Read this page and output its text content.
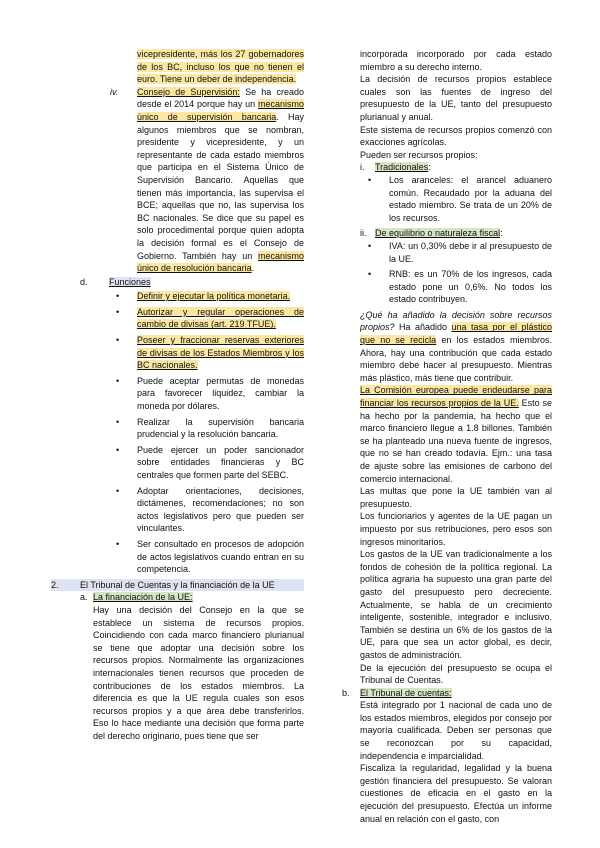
vicepresidente, más los 27 gobernadores de los BC, incluso los que no tienen el euro. Tiene un deber de independencia.

iv. Consejo de Supervisión: Se ha creado desde el 2014 porque hay un mecanismo único de supervisión bancaria. Hay algunos miembros que se nombran, presidente y vicepresidente, y un representante de cada estado miembros que participa en el Sistema Único de Supervisión Bancario. Aquellas que tienen más importancia, las supervisa el BCE; aquellas que no, las supervisa los BC nacionales. Se dice que su papel es solo procedimental porque quien adopta la decisión formal es el Consejo de Gobierno. También hay un mecanismo único de resolución bancaria.

d.	Funciones

• Definir y ejecutar la política monetaria.
• Autorizar y regular operaciones de cambio de divisas (art. 219 TFUE).
• Poseer y fraccionar reservas exteriores de divisas de los Estados Miembros y los BC nacionales.
• Puede aceptar permutas de monedas para favorecer liquidez, cambiar la moneda por dólares.
• Realizar la supervisión bancaria prudencial y la resolución bancaria.
• Puede ejercer un poder sancionador sobre entidades financieras y BC centrales que formen parte del SEBC.
• Adoptar orientaciones, decisiones, dictámenes, recomendaciones; no son actos legislativos pero que pueden ser vinculantes.
• Ser consultado en procesos de adopción de actos legislativos cuando entran en su competencia.

2. El Tribunal de Cuentas y la financiación de la UE

a. La financiación de la UE:

Hay una decisión del Consejo en la que se establece un sistema de recursos propios. Coincidiendo con cada marco financiero plurianual se tiene que adoptar una decisión sobre los recursos propios. Normalmente las organizaciones internacionales tienen recursos que proceden de contribuciones de los estados miembros. La diferencia es que la UE regula cuales son esos recursos propios y a que área debe transferirlos. Eso lo hace mediante una decisión que forma parte del derecho originario, pues tiene que ser

incorporada incorporado por cada estado miembro a su derecho interno.

La decisión de recursos propios establece cuales son las fuentes de ingreso del presupuesto de la UE, tanto del presupuesto plurianual y anual.

Este sistema de recursos propios comenzó con exacciones agrícolas.

Pueden ser recursos propios:

i.	Tradicionales:

• Los aranceles: el arancel aduanero común. Recaudado por la aduana del estado miembro. Se trata de un 20% de los recursos.
ii. De equilibrio o naturaleza fiscal:

• IVA: un 0,30% debe ir al presupuesto de la UE.
• RNB: es un 70% de los ingresos, cada estado pone un 0,6%. No todos los estado contribuyen.

¿Qué ha añadido la decisión sobre recursos propios? Ha añadido una tasa por el plástico que no se recicla en los estados miembros. Ahora, hay una contribución que cada estado miembro debe hacer al presupuesto. Mientras más plástico, más tiene que contribuir.

La Comisión europea puede endeudarse para financiar los recursos propios de la UE. Esto se ha hecho por la pandemia, ha hecho que el marco financiero llegue a 1.8 billones. También se ha planteado una nueva fuente de ingresos, que no se han creado todavía. Ejm.: una tasa de ajuste sobre las emisiones de carbono del comercio internacional.

Las multas que pone la UE también van al presupuesto.

Los funcionarios y agentes de la UE pagan un impuesto por sus retribuciones, pero esos son ingresos minoritarios.

Los gastos de la UE van tradicionalmente a los fondos de cohesión de la política regional. La política agraria ha supuesto una gran parte del gasto del presupuesto pero decreciente. Actualmente, se habla de un crecimiento inteligente, sostenible, integrador e inclusivo. También se destina un 6% de los gastos de la UE, para que sea un actor global, es decir, gastos de administración.

De la ejecución del presupuesto se ocupa el Tribunal de Cuentas.

b. El Tribunal de cuentas:

Está integrado por 1 nacional de cada uno de los estados miembros, elegidos por consejo por mayoría cualificada. Deben ser personas que se reconozcan por su capacidad, independencia e imparcialidad.

Fiscaliza la regularidad, legalidad y la buena gestión financiera del presupuesto. Se valoran cuestiones de eficacia en el gasto en la ejecución del presupuesto. Efectúa un informe anual en relación con el gasto, con
